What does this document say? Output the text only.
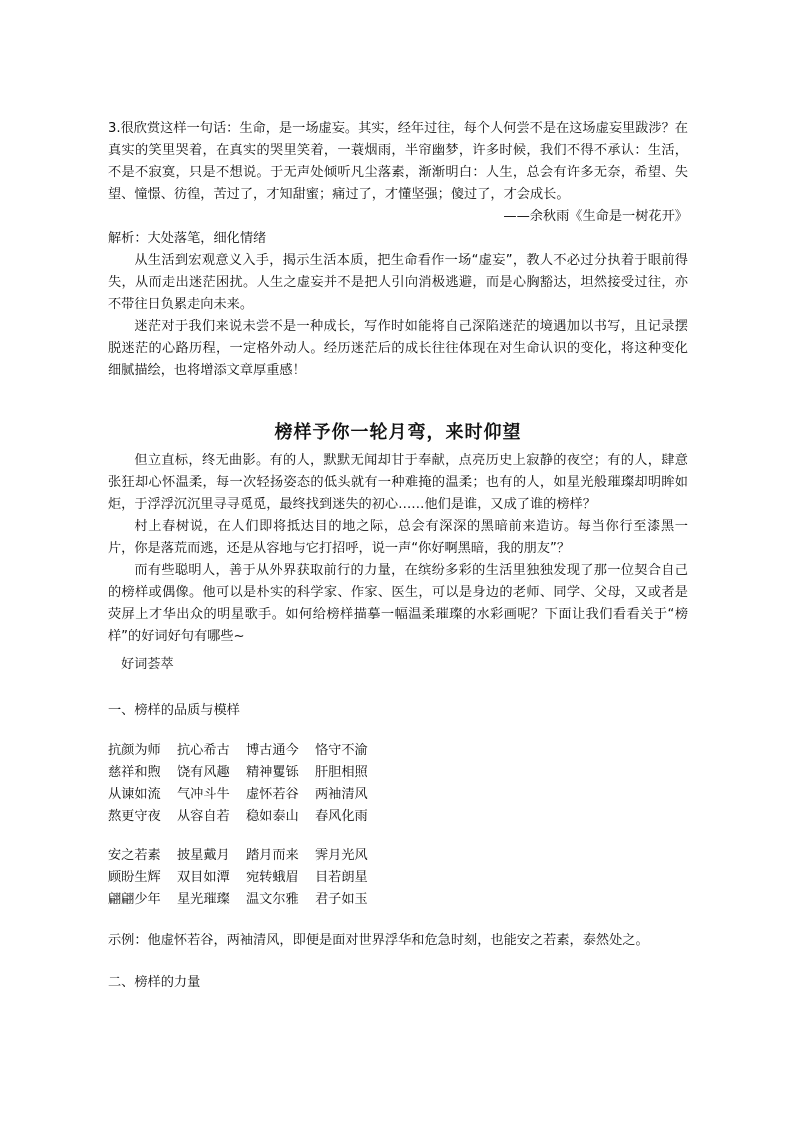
3.很欣赏这样一句话：生命，是一场虚妄。其实，经年过往，每个人何尝不是在这场虚妄里跋涉？在真实的笑里哭着，在真实的哭里笑着，一蓑烟雨，半帘幽梦，许多时候，我们不得不承认：生活，不是不寂寞，只是不想说。于无声处倾听凡尘落素，渐渐明白：人生，总会有许多无奈，希望、失望、憧憬、彷徨，苦过了，才知甜蜜；痛过了，才懂坚强；傻过了，才会成长。

——余秋雨《生命是一树花开》

解析：大处落笔，细化情绪

从生活到宏观意义入手，揭示生活本质，把生命看作一场“虚妄”，教人不必过分执着于眼前得失，从而走出迷茫困扰。人生之虚妄并不是把人引向消极逃避，而是心胸豁达，坦然接受过往，亦不带往日负累走向未来。

迷茫对于我们来说未尝不是一种成长，写作时如能将自己深陷迷茫的境遇加以书写，且记录摆脱迷茫的心路历程，一定格外动人。经历迷茫后的成长往往体现在对生命认识的变化，将这种变化细腻描绘，也将增添文章厚重感！

榜样予你一轮月弯，来时仰望

但立直标，终无曲影。有的人，默默无闻却甘于奉献，点亮历史上寂静的夜空；有的人，肆意张狂却心怀温柔，每一次轻扬姿态的低头就有一种难掩的温柔；也有的人，如星光般璀璨却明眸如炬，于浮浮沉沉里寻寻觅觅，最终找到迷失的初心……他们是谁，又成了谁的榜样？

村上春树说，在人们即将抵达目的地之际，总会有深深的黑暗前来造访。每当你行至漆黑一片，你是落荒而逃，还是从容地与它打招呼，说一声“你好啊黑暗，我的朋友”？

而有些聪明人，善于从外界获取前行的力量，在缤纷多彩的生活里独独发现了那一位契合自己的榜样或偶像。他可以是朴实的科学家、作家、医生，可以是身边的老师、同学、父母，又或者是荧屏上才华出众的明星歌手。如何给榜样描摹一幅温柔璀璨的水彩画呢？下面让我们看看关于“榜样”的好词好句有哪些~

好词荟萃

一、榜样的品质与模样

抗颜为师	抗心希古	博古通今	恪守不渝
慈祥和煦	饶有风趣	精神矍铄	肝胆相照
从谏如流	气冲斗牛	虚怀若谷	两袖清风
熬更守夜	从容自若	稳如泰山	春风化雨
安之若素	披星戴月	踏月而来	霁月光风
顾盼生辉	双目如潭	宛转蛾眉	目若朗星
翩翩少年	星光璀璨	温文尔雅	君子如玉

示例：他虚怀若谷，两袖清风，即便是面对世界浮华和危急时刻，也能安之若素，泰然处之。

二、榜样的力量
